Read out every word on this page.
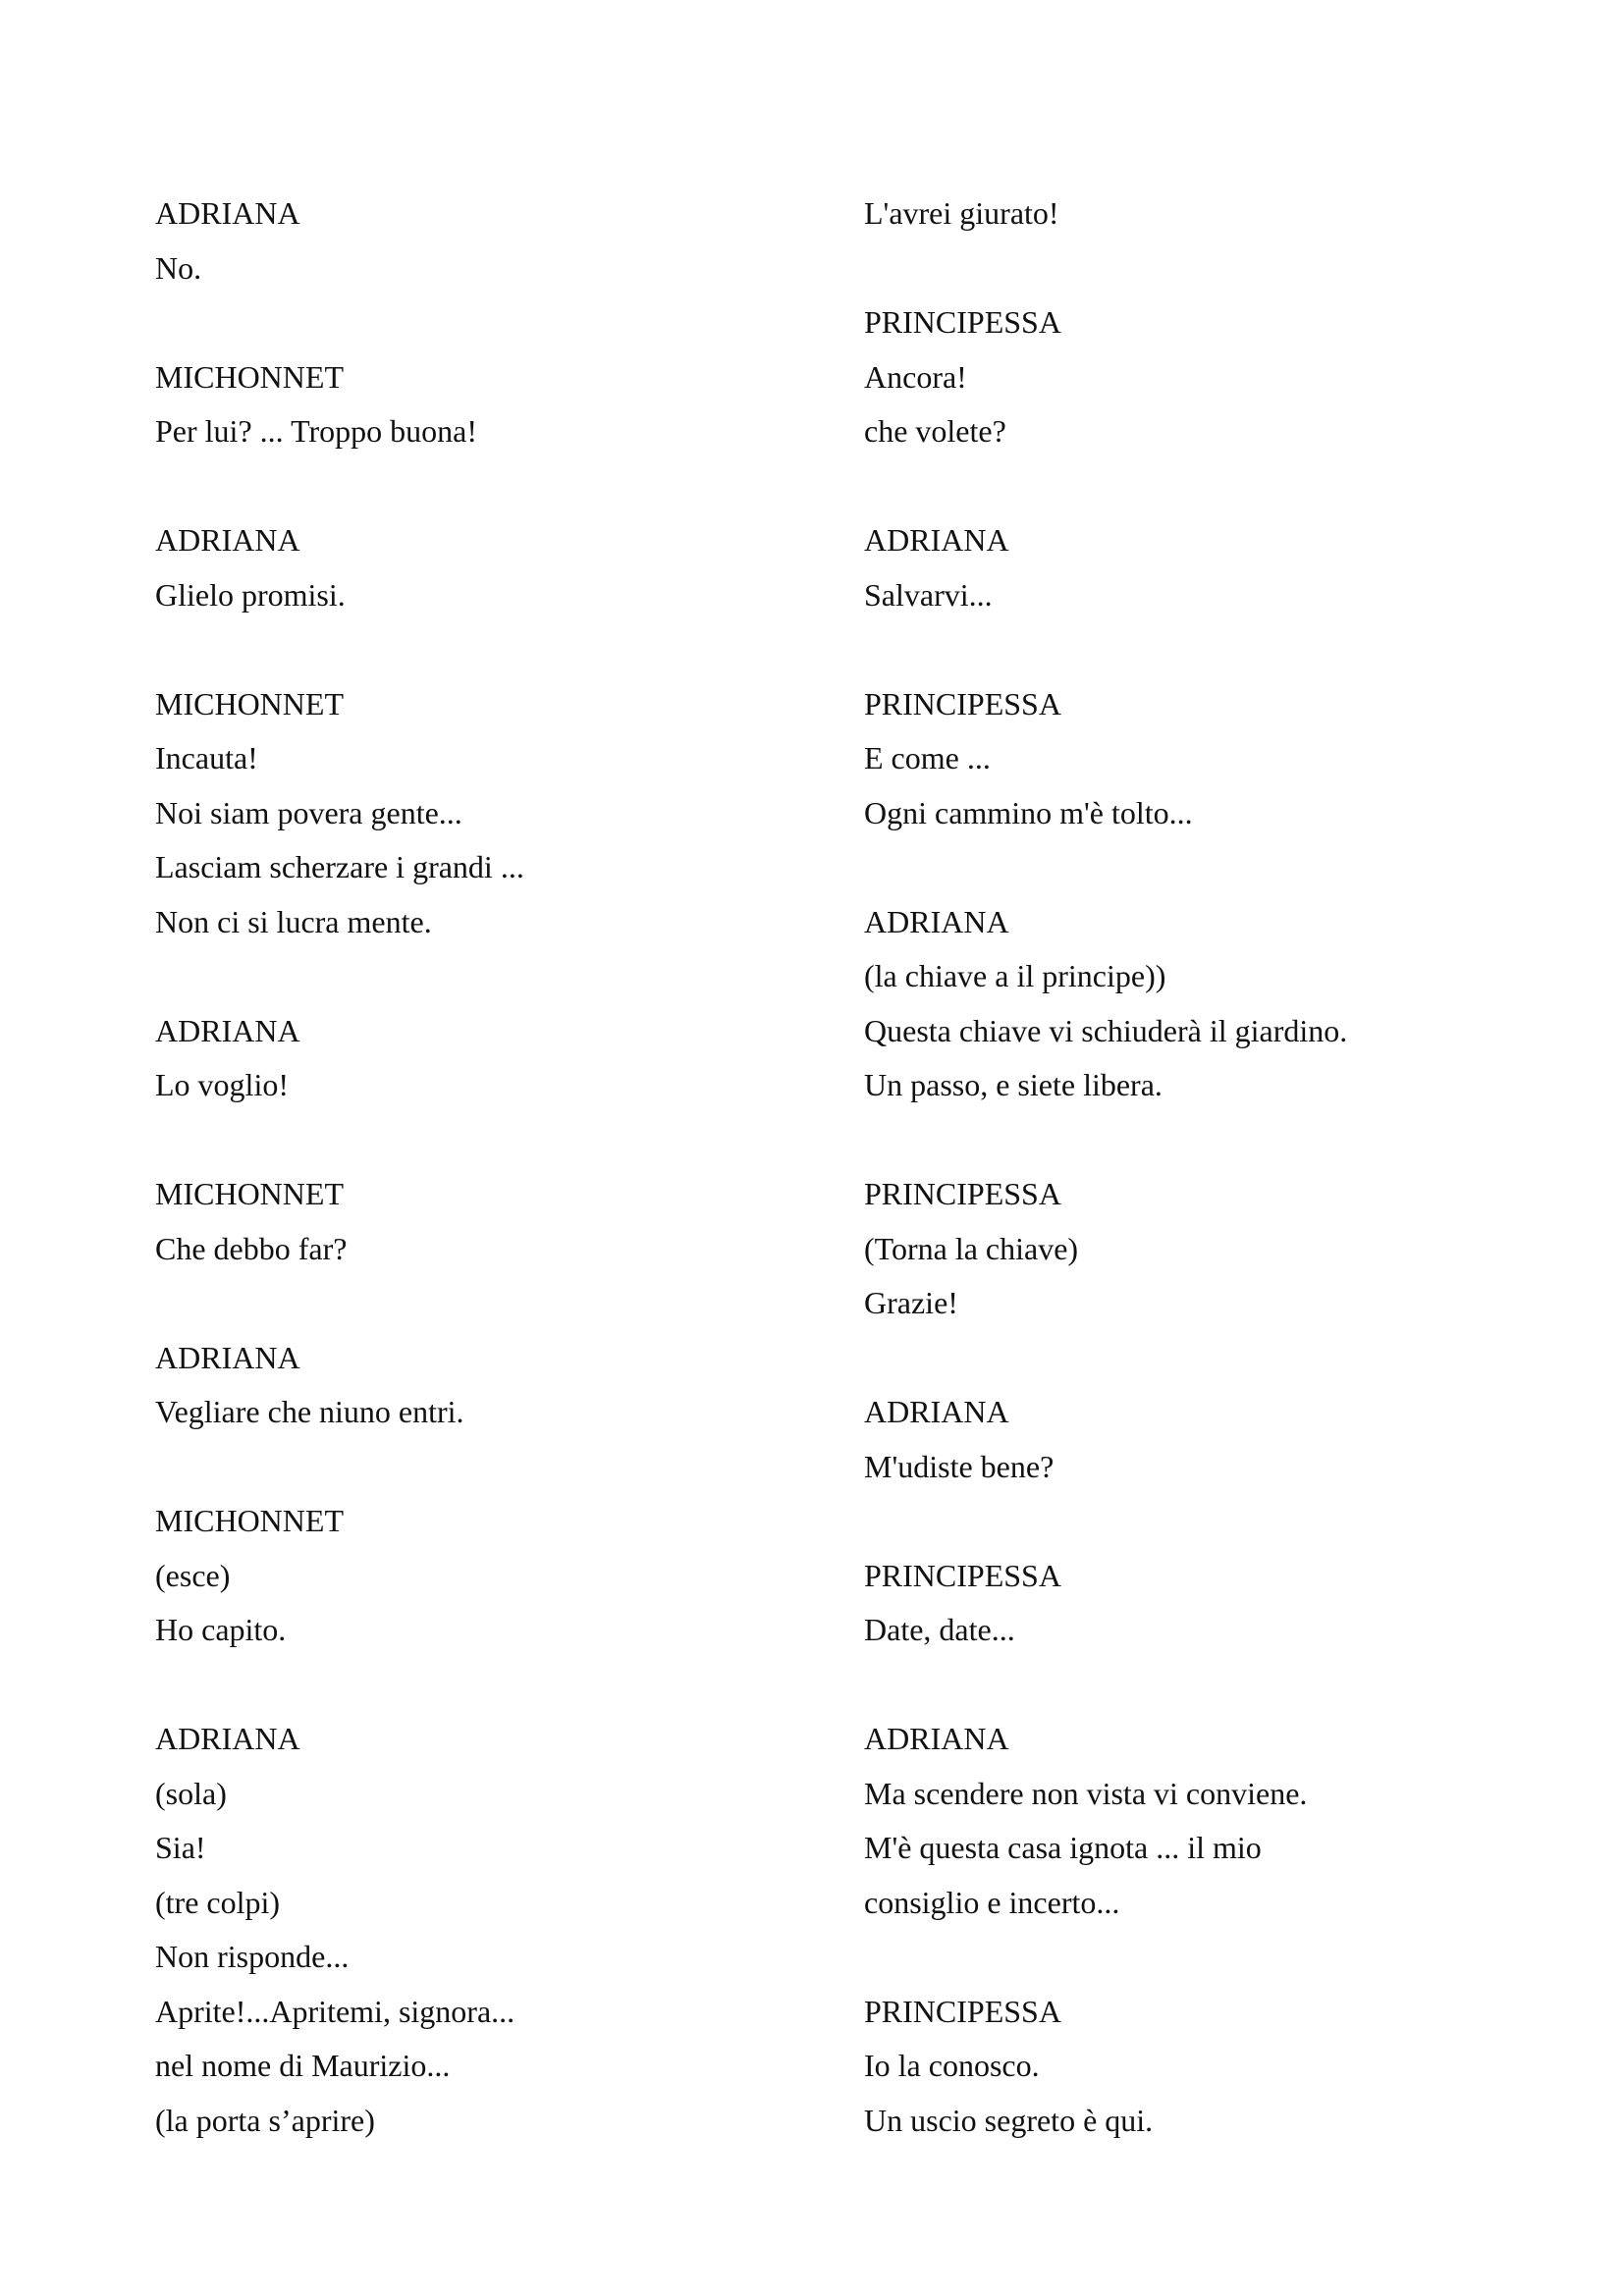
ADRIANA
No.
MICHONNET
Per lui? ... Troppo buona!
ADRIANA
Glielo promisi.
MICHONNET
Incauta!
Noi siam povera gente...
Lasciam scherzare i grandi ...
Non ci si lucra mente.
ADRIANA
Lo voglio!
MICHONNET
Che debbo far?
ADRIANA
Vegliare che niuno entri.
MICHONNET
(esce)
Ho capito.
ADRIANA
(sola)
Sia!
(tre colpi)
Non risponde...
Aprite!...Apritemi, signora...
nel nome di Maurizio...
(la porta s’aprire)
L'avrei giurato!
PRINCIPESSA
Ancora!
che volete?
ADRIANA
Salvarvi...
PRINCIPESSA
E come ...
Ogni cammino m'è tolto...
ADRIANA
(la chiave a il principe))
Questa chiave vi schiuderà il giardino.
Un passo, e siete libera.
PRINCIPESSA
(Torna la chiave)
Grazie!
ADRIANA
M'udiste bene?
PRINCIPESSA
Date, date...
ADRIANA
Ma scendere non vista vi conviene.
M'è questa casa ignota ... il mio
consiglio e incerto...
PRINCIPESSA
Io la conosco.
Un uscio segreto è qui.
